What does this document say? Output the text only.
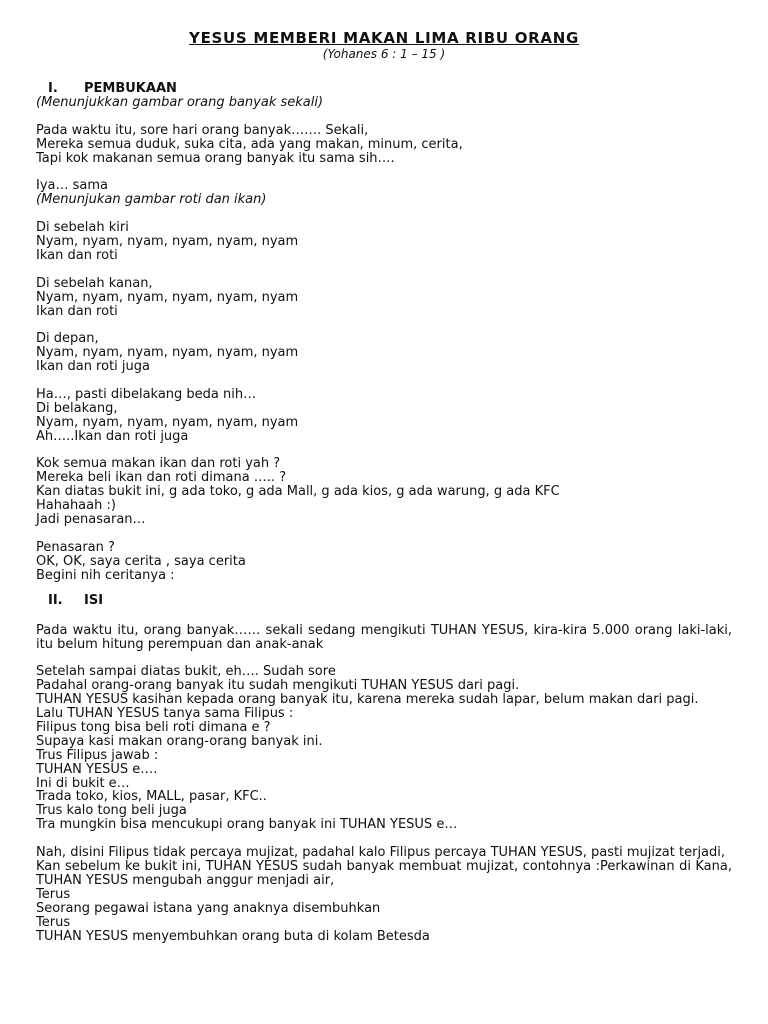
YESUS MEMBERI MAKAN LIMA RIBU ORANG
(Yohanes 6 : 1 – 15 )
I.	PEMBUKAAN
(Menunjukkan gambar orang banyak sekali)
Pada waktu itu, sore hari orang banyak……. Sekali,
Mereka semua duduk, suka cita, ada yang makan, minum, cerita,
Tapi kok makanan semua orang banyak itu sama sih….
Iya… sama
(Menunjukan gambar roti dan ikan)
Di sebelah kiri
Nyam, nyam, nyam, nyam, nyam, nyam
Ikan dan roti
Di sebelah kanan,
Nyam, nyam, nyam, nyam, nyam, nyam
Ikan dan roti
Di depan,
Nyam, nyam, nyam, nyam, nyam, nyam
Ikan dan roti juga
Ha…, pasti dibelakang beda nih…
Di belakang,
Nyam, nyam, nyam, nyam, nyam, nyam
Ah…..Ikan dan roti juga
Kok semua makan ikan dan roti yah ?
Mereka beli ikan dan roti dimana ….. ?
Kan diatas bukit ini, g ada toko, g ada Mall, g ada kios, g ada warung, g ada KFC
Hahahaah :)
Jadi penasaran…
Penasaran ?
OK, OK, saya cerita , saya cerita
Begini nih ceritanya :
II.	ISI
Pada waktu itu, orang banyak…… sekali sedang mengikuti TUHAN YESUS, kira-kira 5.000 orang laki-laki, itu belum hitung perempuan dan anak-anak
Setelah sampai diatas bukit, eh…. Sudah sore
Padahal orang-orang banyak itu sudah mengikuti TUHAN YESUS dari pagi.
TUHAN YESUS kasihan kepada orang banyak itu, karena mereka sudah lapar, belum makan dari pagi.
Lalu TUHAN YESUS tanya sama Filipus :
Filipus tong bisa beli roti dimana e ?
Supaya kasi makan orang-orang banyak ini.
Trus Filipus jawab :
TUHAN YESUS e….
Ini di bukit e…
Trada toko, kios, MALL, pasar, KFC..
Trus kalo tong beli juga
Tra mungkin bisa mencukupi orang banyak ini TUHAN YESUS e…
Nah, disini Filipus tidak percaya mujizat, padahal kalo Filipus percaya TUHAN YESUS, pasti mujizat terjadi,
Kan sebelum ke bukit ini, TUHAN YESUS sudah banyak membuat mujizat, contohnya :Perkawinan di Kana, TUHAN YESUS mengubah anggur menjadi air,
Terus
Seorang pegawai istana yang anaknya disembuhkan
Terus
TUHAN YESUS menyembuhkan orang buta di kolam Betesda
